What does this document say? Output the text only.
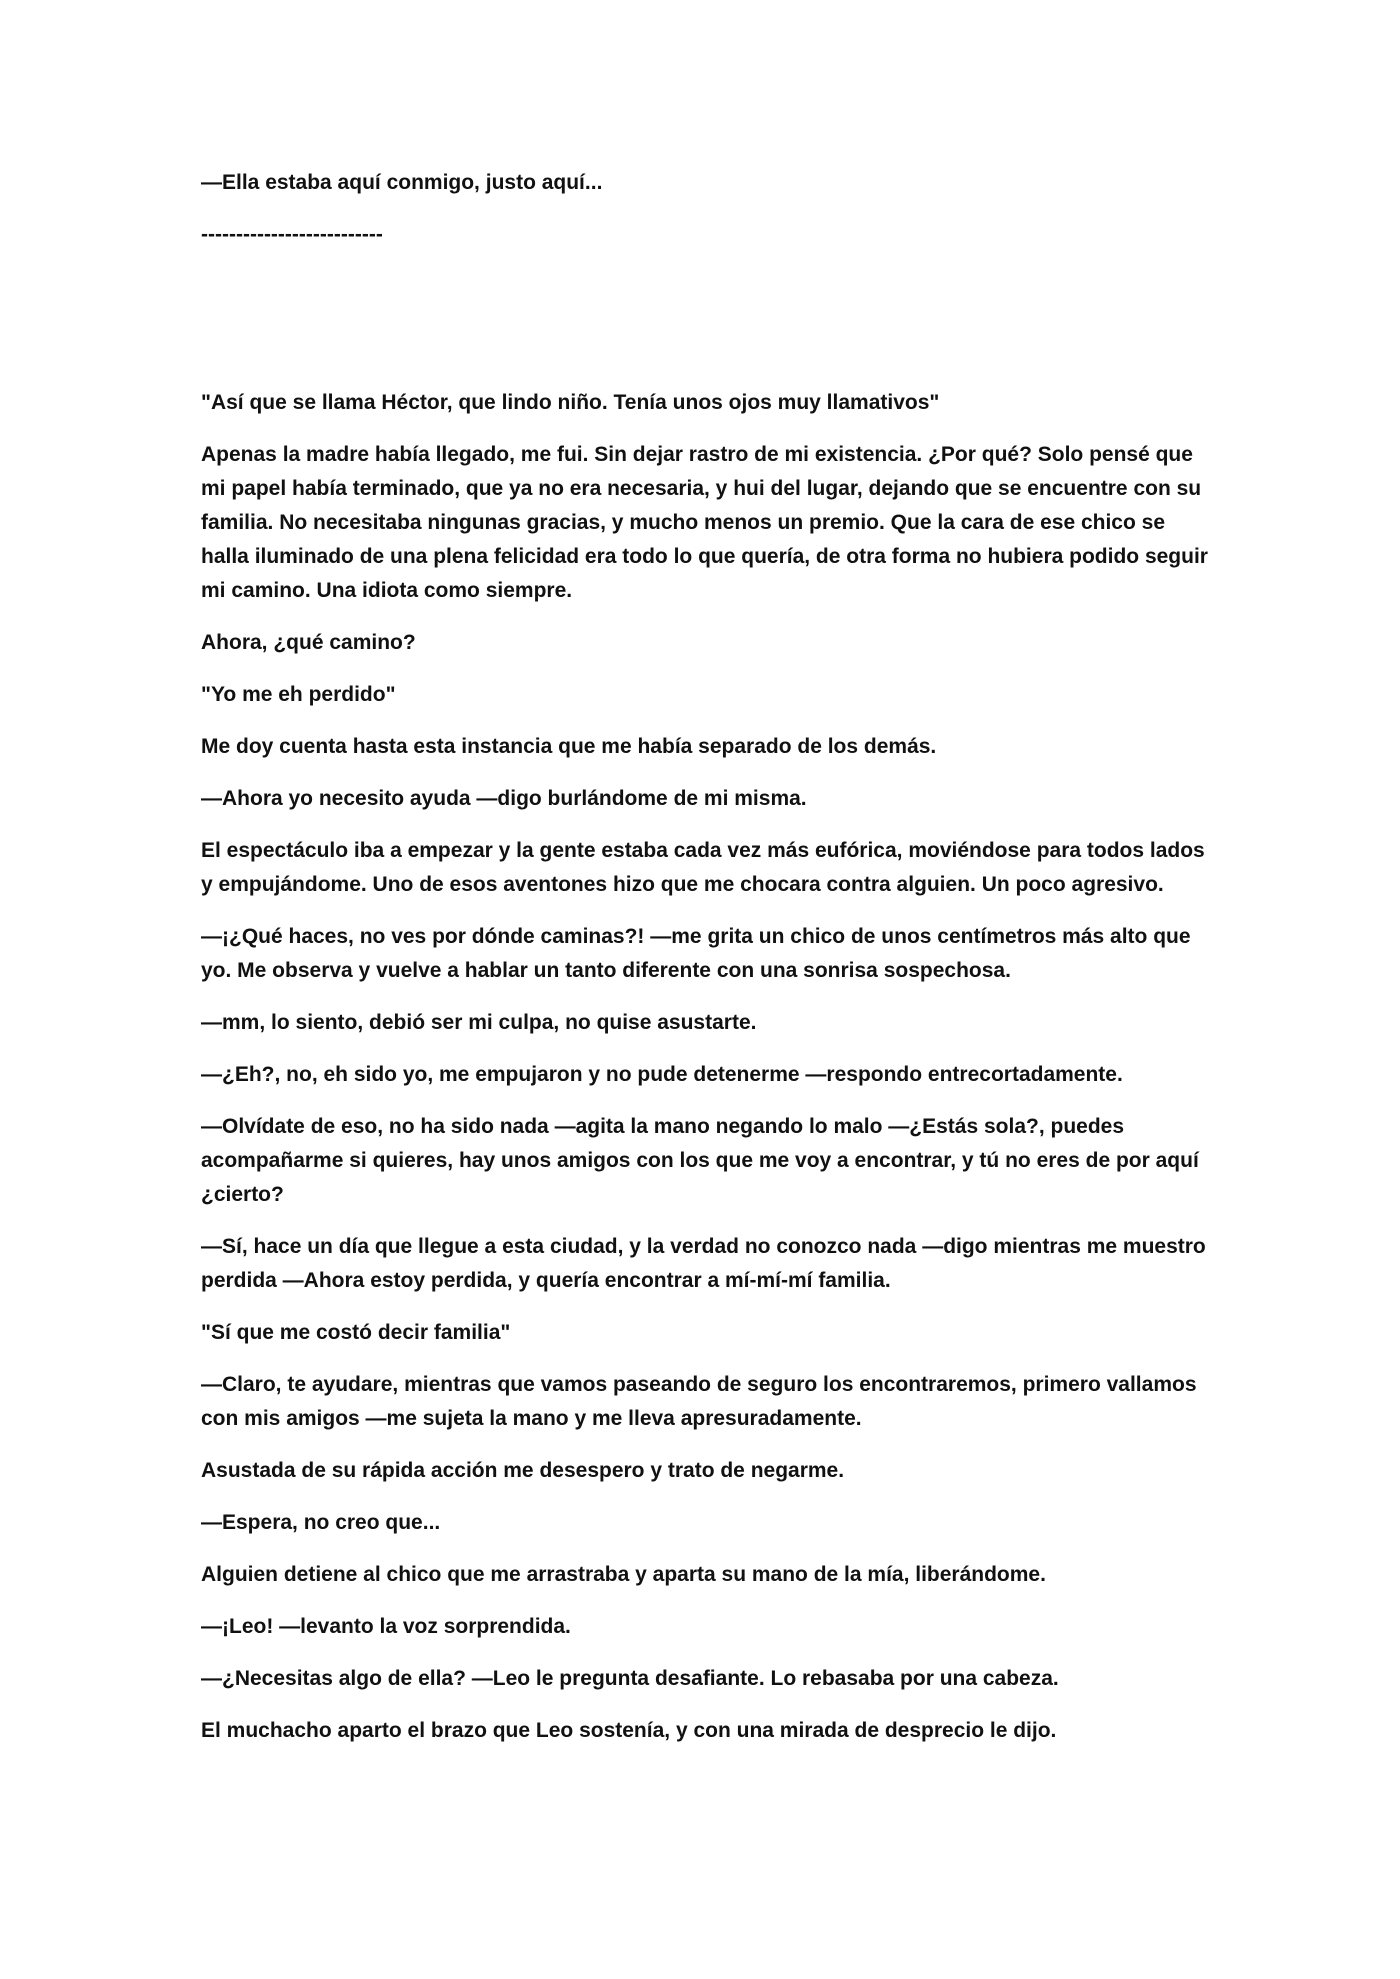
—Ella estaba aquí conmigo, justo aquí...

--------------------------

"Así que se llama Héctor, que lindo niño. Tenía unos ojos muy llamativos"

Apenas la madre había llegado, me fui. Sin dejar rastro de mi existencia. ¿Por qué? Solo pensé que mi papel había terminado, que ya no era necesaria, y hui del lugar, dejando que se encuentre con su familia. No necesitaba ningunas gracias, y mucho menos un premio. Que la cara de ese chico se halla iluminado de una plena felicidad era todo lo que quería, de otra forma no hubiera podido seguir mi camino. Una idiota como siempre.

Ahora, ¿qué camino?

"Yo me eh perdido"

Me doy cuenta hasta esta instancia que me había separado de los demás.

—Ahora yo necesito ayuda —digo burlándome de mi misma.

El espectáculo iba a empezar y la gente estaba cada vez más eufórica, moviéndose para todos lados y empujándome. Uno de esos aventones hizo que me chocara contra alguien. Un poco agresivo.

—¡¿Qué haces, no ves por dónde caminas?! —me grita un chico de unos centímetros más alto que yo. Me observa y vuelve a hablar un tanto diferente con una sonrisa sospechosa.

—mm, lo siento, debió ser mi culpa, no quise asustarte.

—¿Eh?, no, eh sido yo, me empujaron y no pude detenerme —respondo entrecortadamente.

—Olvídate de eso, no ha sido nada —agita la mano negando lo malo —¿Estás sola?, puedes acompañarme si quieres, hay unos amigos con los que me voy a encontrar, y tú no eres de por aquí ¿cierto?

—Sí, hace un día que llegue a esta ciudad, y la verdad no conozco nada —digo mientras me muestro perdida —Ahora estoy perdida, y quería encontrar a mí-mí-mí familia.

"Sí que me costó decir familia"

—Claro, te ayudare, mientras que vamos paseando de seguro los encontraremos, primero vallamos con mis amigos —me sujeta la mano y me lleva apresuradamente.

Asustada de su rápida acción me desespero y trato de negarme.

—Espera, no creo que...

Alguien detiene al chico que me arrastraba y aparta su mano de la mía, liberándome.

—¡Leo! —levanto la voz sorprendida.

—¿Necesitas algo de ella? —Leo le pregunta desafiante. Lo rebasaba por una cabeza.

El muchacho aparto el brazo que Leo sostenía, y con una mirada de desprecio le dijo.
